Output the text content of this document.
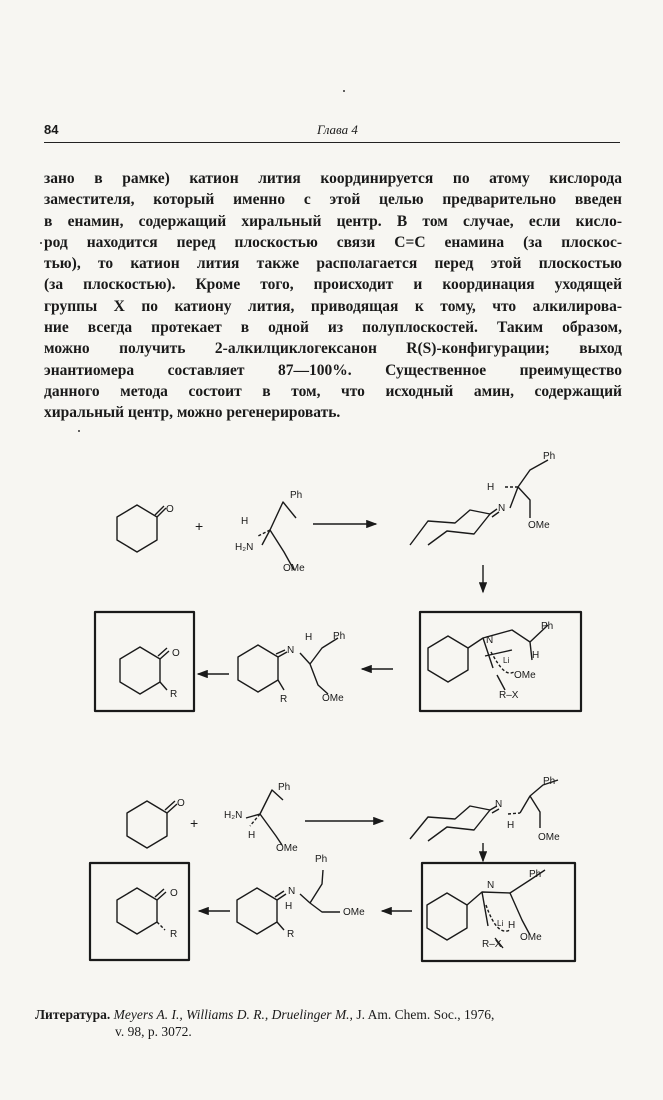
84	Глава 4

зано в рамке) катион лития координируется по атому кислорода
заместителя, который именно с этой целью предварительно введен
в енамин, содержащий хиральный центр. В том случае, если кисло-
род находится перед плоскостью связи C=C енамина (за плоскос-
тью), то катион лития также располагается перед этой плоскостью
(за плоскостью). Кроме того, происходит и координация уходящей
группы X по катиону лития, приводящая к тому, что алкилирова-
ние всегда протекает в одной из полуплоскостей. Таким образом,
можно получить 2-алкилциклогексанон R(S)-конфигурации; выход
энантиомера составляет 87—100%. Существенное преимущество
данного метода состоит в том, что исходный амин, содержащий
хиральный центр, можно регенерировать.

O
+
Ph
H
H₂N
OMe
N
Ph
H
OMe
N
Ph
H
Li
OMe
R–X
N
H Ph
R	OMe
O
R
O
+
Ph
H₂N
H
OMe
N
Ph
H
OMe
N
Ph
Li H
OMe
R–X
N
H
Ph
OMe
R
O
R
Литература. Meyers A. I., Williams D. R., Druelinger M., J. Am. Chem. Soc., 1976,
v. 98, p. 3072.
